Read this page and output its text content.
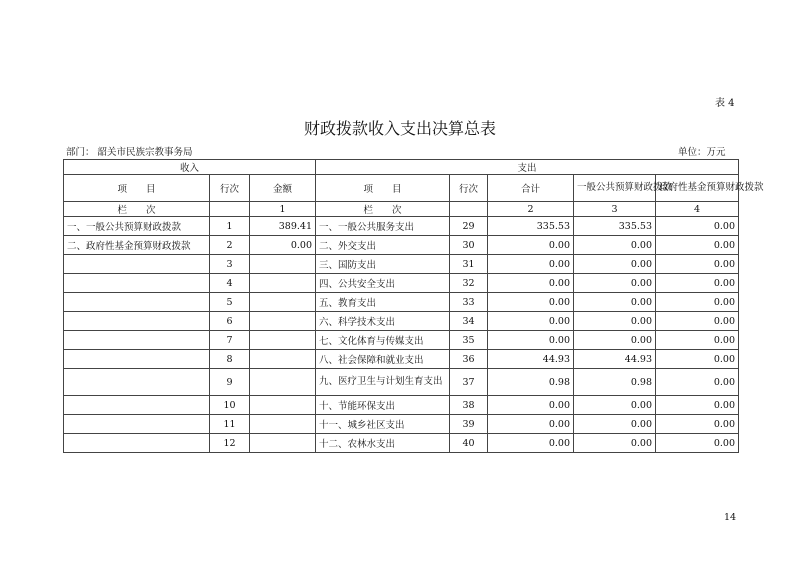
表 4
财政拨款收入支出决算总表
部门： 韶关市民族宗教事务局	单位：万元
收入			支出				
项　　目	行次	金额	项　　目	行次	合计	一般公共预算财政拨款	政府性基金预算财政拨款
栏　　次		1	栏　　次		2	3	4
一、一般公共预算财政拨款	1	389.41	一、一般公共服务支出	29	335.53	335.53	0.00
二、政府性基金预算财政拨款	2	0.00	二、外交支出	30	0.00	0.00	0.00
	3		三、国防支出	31	0.00	0.00	0.00
	4		四、公共安全支出	32	0.00	0.00	0.00
	5		五、教育支出	33	0.00	0.00	0.00
	6		六、科学技术支出	34	0.00	0.00	0.00
	7		七、文化体育与传媒支出	35	0.00	0.00	0.00
	8		八、社会保障和就业支出	36	44.93	44.93	0.00
	9		九、医疗卫生与计划生育支出	37	0.98	0.98	0.00
	10		十、节能环保支出	38	0.00	0.00	0.00
	11		十一、城乡社区支出	39	0.00	0.00	0.00
	12		十二、农林水支出	40	0.00	0.00	0.00
14
